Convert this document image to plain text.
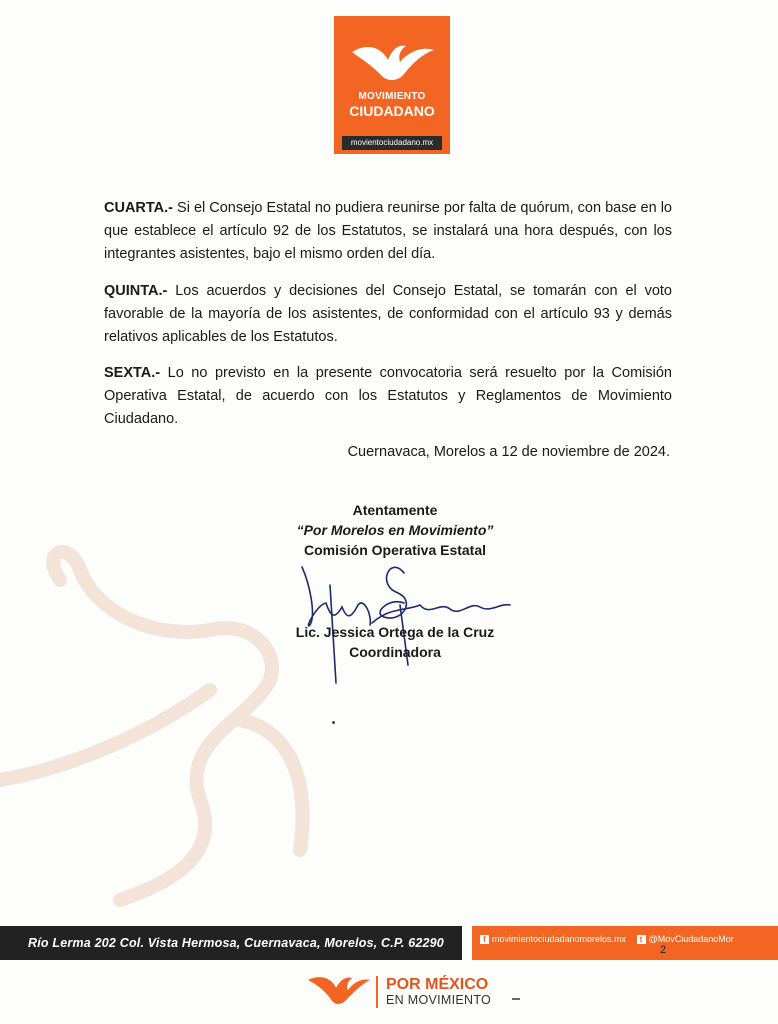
MOVIMIENTO
CIUDADANO
movientociudadano.mx
CUARTA.- Si el Consejo Estatal no pudiera reunirse por falta de quórum, con base en lo que establece el artículo 92 de los Estatutos, se instalará una hora después, con los integrantes asistentes, bajo el mismo orden del día.
QUINTA.- Los acuerdos y decisiones del Consejo Estatal, se tomarán con el voto favorable de la mayoría de los asistentes, de conformidad con el artículo 93 y demás relativos aplicables de los Estatutos.
SEXTA.- Lo no previsto en la presente convocatoria será resuelto por la Comisión Operativa Estatal, de acuerdo con los Estatutos y Reglamentos de Movimiento Ciudadano.
Cuernavaca, Morelos a 12 de noviembre de 2024.
Atentamente
“Por Morelos en Movimiento”
Comisión Operativa Estatal
Lic. Jessica Ortega de la Cruz
Coordinadora
Río Lerma 202 Col. Vista Hermosa, Cuernavaca, Morelos, C.P. 62290	f movimientociudadanomorelos.mx t @MovCiudadanoMor
2
POR MÉXICO
EN MOVIMIENTO
